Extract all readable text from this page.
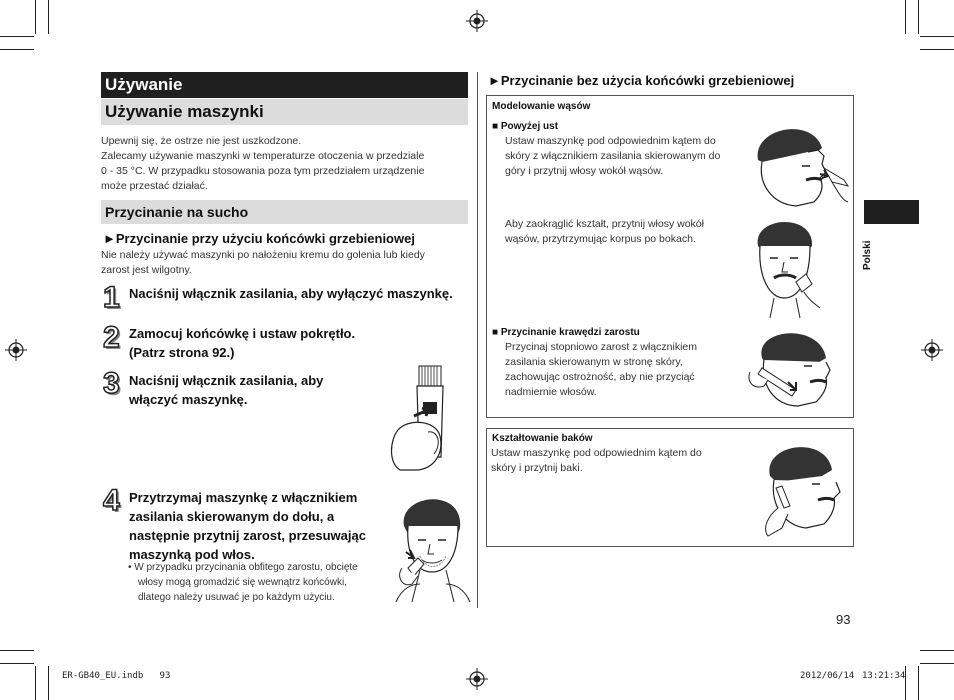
Używanie
Używanie maszynki
Upewnij się, że ostrze nie jest uszkodzone.
Zalecamy używanie maszynki w temperaturze otoczenia w przedziale
0 - 35 °C. W przypadku stosowania poza tym przedziałem urządzenie
może przestać działać.
Przycinanie na sucho
►Przycinanie przy użyciu końcówki grzebieniowej
Nie należy używać maszynki po nałożeniu kremu do golenia lub kiedy
zarost jest wilgotny.
1 Naciśnij włącznik zasilania, aby wyłączyć maszynkę.
2 Zamocuj końcówkę i ustaw pokrętło.
(Patrz strona 92.)
3 Naciśnij włącznik zasilania, aby
włączyć maszynkę.
4 Przytrzymaj maszynkę z włącznikiem
zasilania skierowanym do dołu, a
następnie przytnij zarost, przesuwając
maszynką pod włos.
• W przypadku przycinania obfitego zarostu, obcięte
włosy mogą gromadzić się wewnątrz końcówki,
dlatego należy usuwać je po każdym użyciu.
►Przycinanie bez użycia końcówki grzebieniowej
Modelowanie wąsów
■ Powyżej ust
Ustaw maszynkę pod odpowiednim kątem do
skóry z włącznikiem zasilania skierowanym do
góry i przytnij włosy wokół wąsów.
Aby zaokrąglić kształt, przytnij włosy wokół
wąsów, przytrzymując korpus po bokach.
■ Przycinanie krawędzi zarostu
Przycinaj stopniowo zarost z włącznikiem
zasilania skierowanym w stronę skóry,
zachowując ostrożność, aby nie przyciąć
nadmiernie włosów.
Kształtowanie baków
Ustaw maszynkę pod odpowiednim kątem do
skóry i przytnij baki.
Polski
93
ER-GB40_EU.indb   93	2012/06/14 13:21:34
